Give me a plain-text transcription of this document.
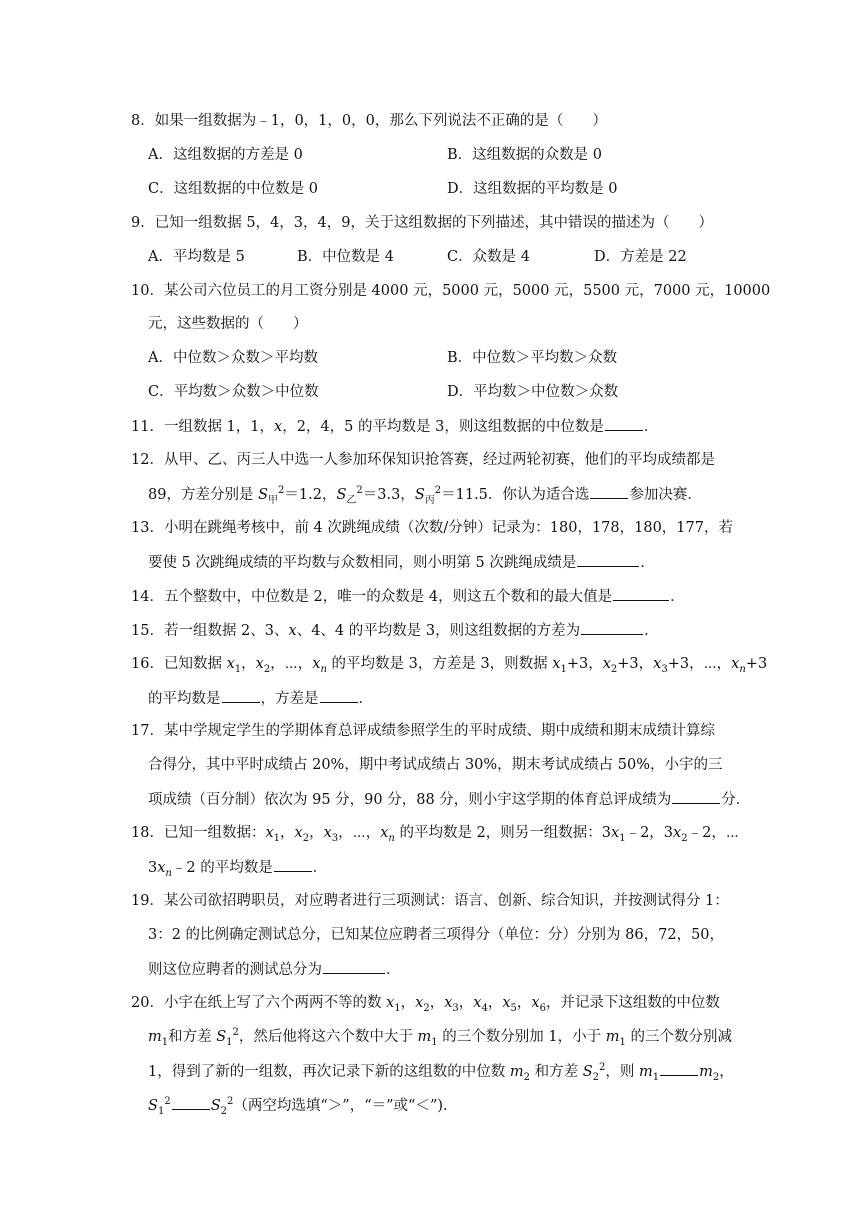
8．如果一组数据为﹣1，0，1，0，0，那么下列说法不正确的是（　　）
A．这组数据的方差是 0	B．这组数据的众数是 0
C．这组数据的中位数是 0	D．这组数据的平均数是 0
9．已知一组数据 5，4，3，4，9，关于这组数据的下列描述，其中错误的描述为（　　）
A．平均数是 5	B．中位数是 4	C．众数是 4	D．方差是 22
10．某公司六位员工的月工资分别是 4000 元，5000 元，5000 元，5500 元，7000 元，10000
元，这些数据的（　　）
A．中位数＞众数＞平均数	B．中位数＞平均数＞众数
C．平均数＞众数＞中位数	D．平均数＞中位数＞众数
11．一组数据 1，1，x，2，4，5 的平均数是 3，则这组数据的中位数是	．
12．从甲、乙、丙三人中选一人参加环保知识抢答赛，经过两轮初赛，他们的平均成绩都是
89，方差分别是 $S_甲^2=1.2$，$S_乙^2=3.3$，$S_丙^2=11.5$．你认为适合选	参加决赛．
13．小明在跳绳考核中，前 4 次跳绳成绩（次数/分钟）记录为：180，178，180，177，若
要使 5 次跳绳成绩的平均数与众数相同，则小明第 5 次跳绳成绩是	．
14．五个整数中，中位数是 2，唯一的众数是 4，则这五个数和的最大值是	．
15．若一组数据 2、3、x、4、4 的平均数是 3，则这组数据的方差为	．
16．已知数据 $x_1$，$x_2$，⋯，$x_n$ 的平均数是 3，方差是 3，则数据 $x_1+3$，$x_2+3$，$x_3+3$，⋯，$x_n+3$
的平均数是	，方差是	．
17．某中学规定学生的学期体育总评成绩参照学生的平时成绩、期中成绩和期末成绩计算综
合得分，其中平时成绩占 20%，期中考试成绩占 30%，期末考试成绩占 50%，小宇的三
项成绩（百分制）依次为 95 分，90 分，88 分，则小宇这学期的体育总评成绩为	分．
18．已知一组数据：$x_1$，$x_2$，$x_3$，⋯，$x_n$ 的平均数是 2，则另一组数据：$3x_1﹣2$，$3x_2﹣2$，⋯
$3x_n﹣2$ 的平均数是	．
19．某公司欲招聘职员，对应聘者进行三项测试：语言、创新、综合知识，并按测试得分 1：
3：2 的比例确定测试总分，已知某位应聘者三项得分（单位：分）分别为 86，72，50，
则这位应聘者的测试总分为	．
20．小宇在纸上写了六个两两不等的数 $x_1$，$x_2$，$x_3$，$x_4$，$x_5$，$x_6$，并记录下这组数的中位数
$m_1$和方差 $S_1^2$，然后他将这六个数中大于 $m_1$ 的三个数分别加 1，小于 $m_1$ 的三个数分别减
1，得到了新的一组数，再次记录下新的这组数的中位数 $m_2$ 和方差 $S_2^2$，则 $m_1$	$m_2$，
$S_1^2$	$S_2^2$（两空均选填“＞”，“＝”或“＜”)．
